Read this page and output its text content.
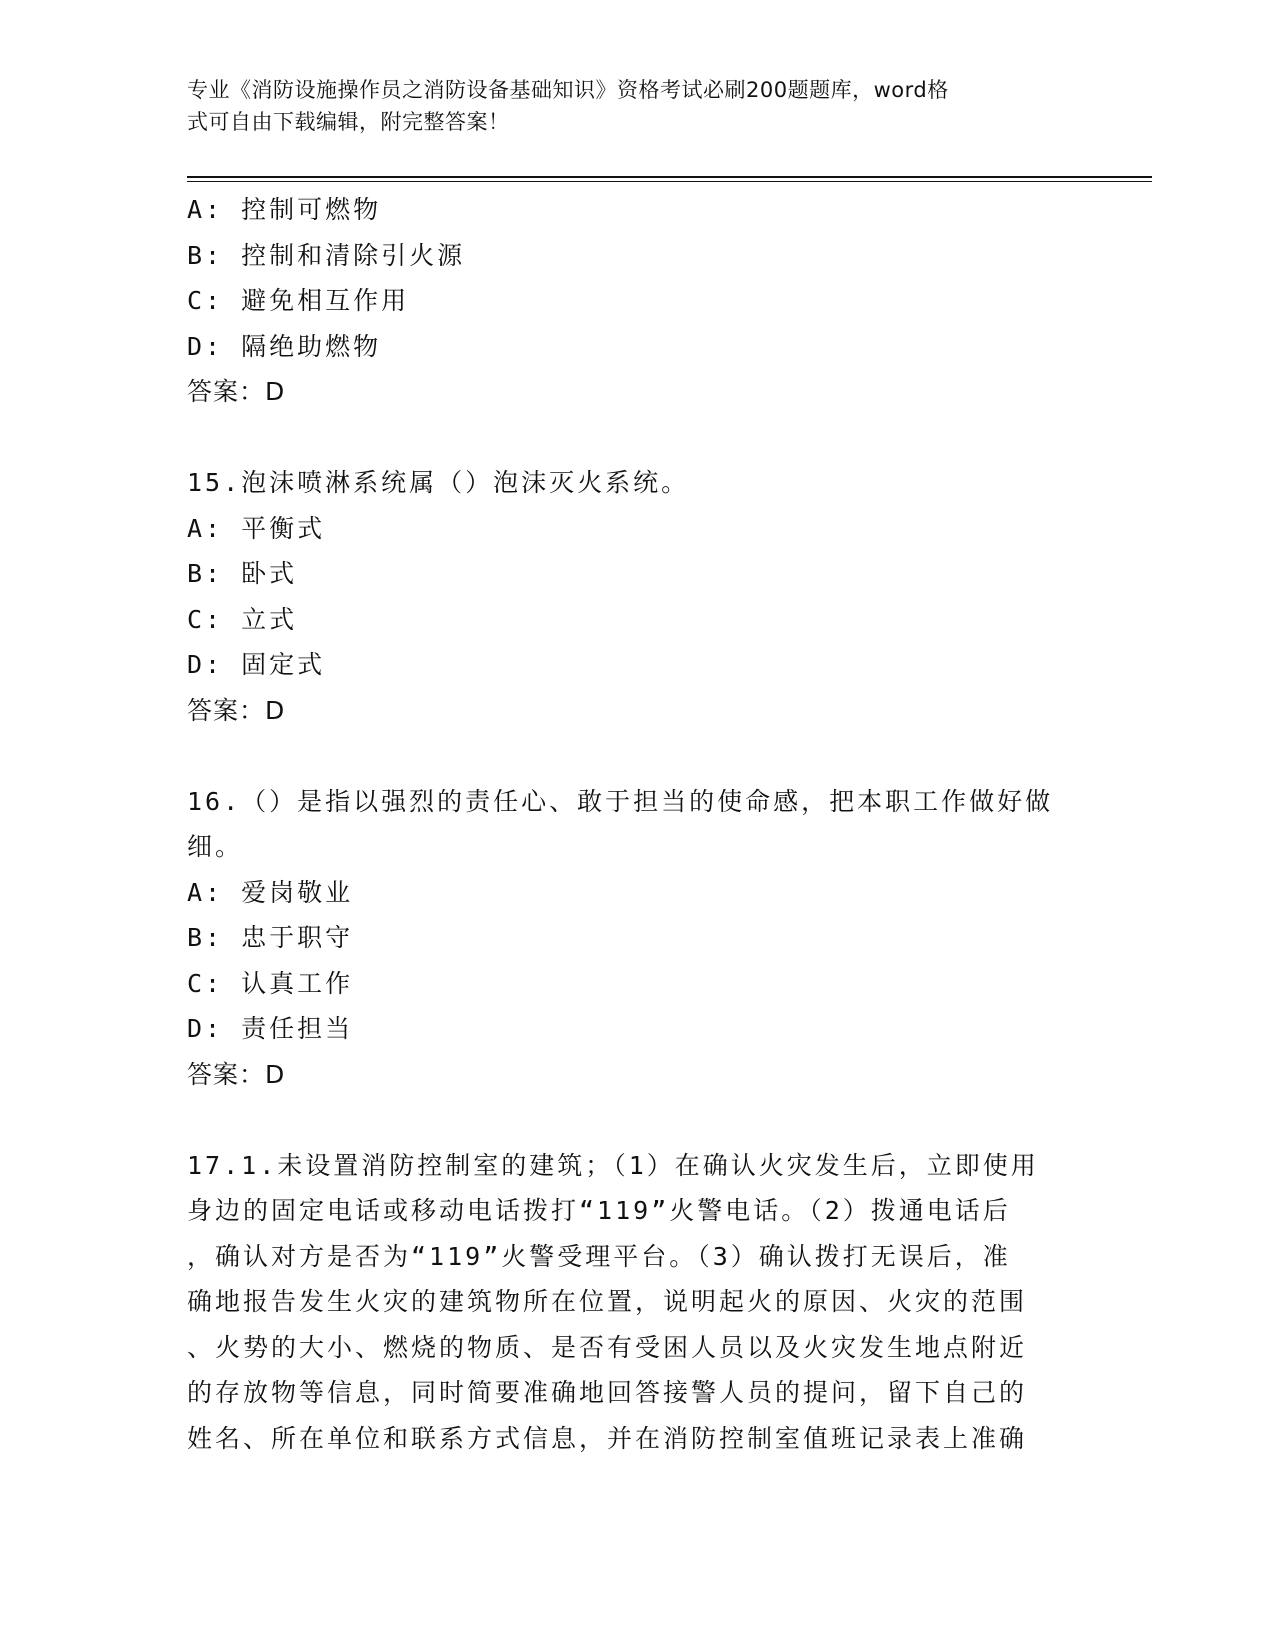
专业《消防设施操作员之消防设备基础知识》资格考试必刷200题题库，word格
式可自由下载编辑，附完整答案！
A: 控制可燃物
B: 控制和清除引火源
C: 避免相互作用
D: 隔绝助燃物
答案：D
15.泡沫喷淋系统属（）泡沫灭火系统。
A: 平衡式
B: 卧式
C: 立式
D: 固定式
答案：D
16.（）是指以强烈的责任心、敢于担当的使命感，把本职工作做好做
细。
A: 爱岗敬业
B: 忠于职守
C: 认真工作
D: 责任担当
答案：D
17.1.未设置消防控制室的建筑；（1）在确认火灾发生后，立即使用
身边的固定电话或移动电话拨打“119”火警电话。（2）拨通电话后
，确认对方是否为“119”火警受理平台。（3）确认拨打无误后，准
确地报告发生火灾的建筑物所在位置，说明起火的原因、火灾的范围
、火势的大小、燃烧的物质、是否有受困人员以及火灾发生地点附近
的存放物等信息，同时简要准确地回答接警人员的提问，留下自己的
姓名、所在单位和联系方式信息，并在消防控制室值班记录表上准确
